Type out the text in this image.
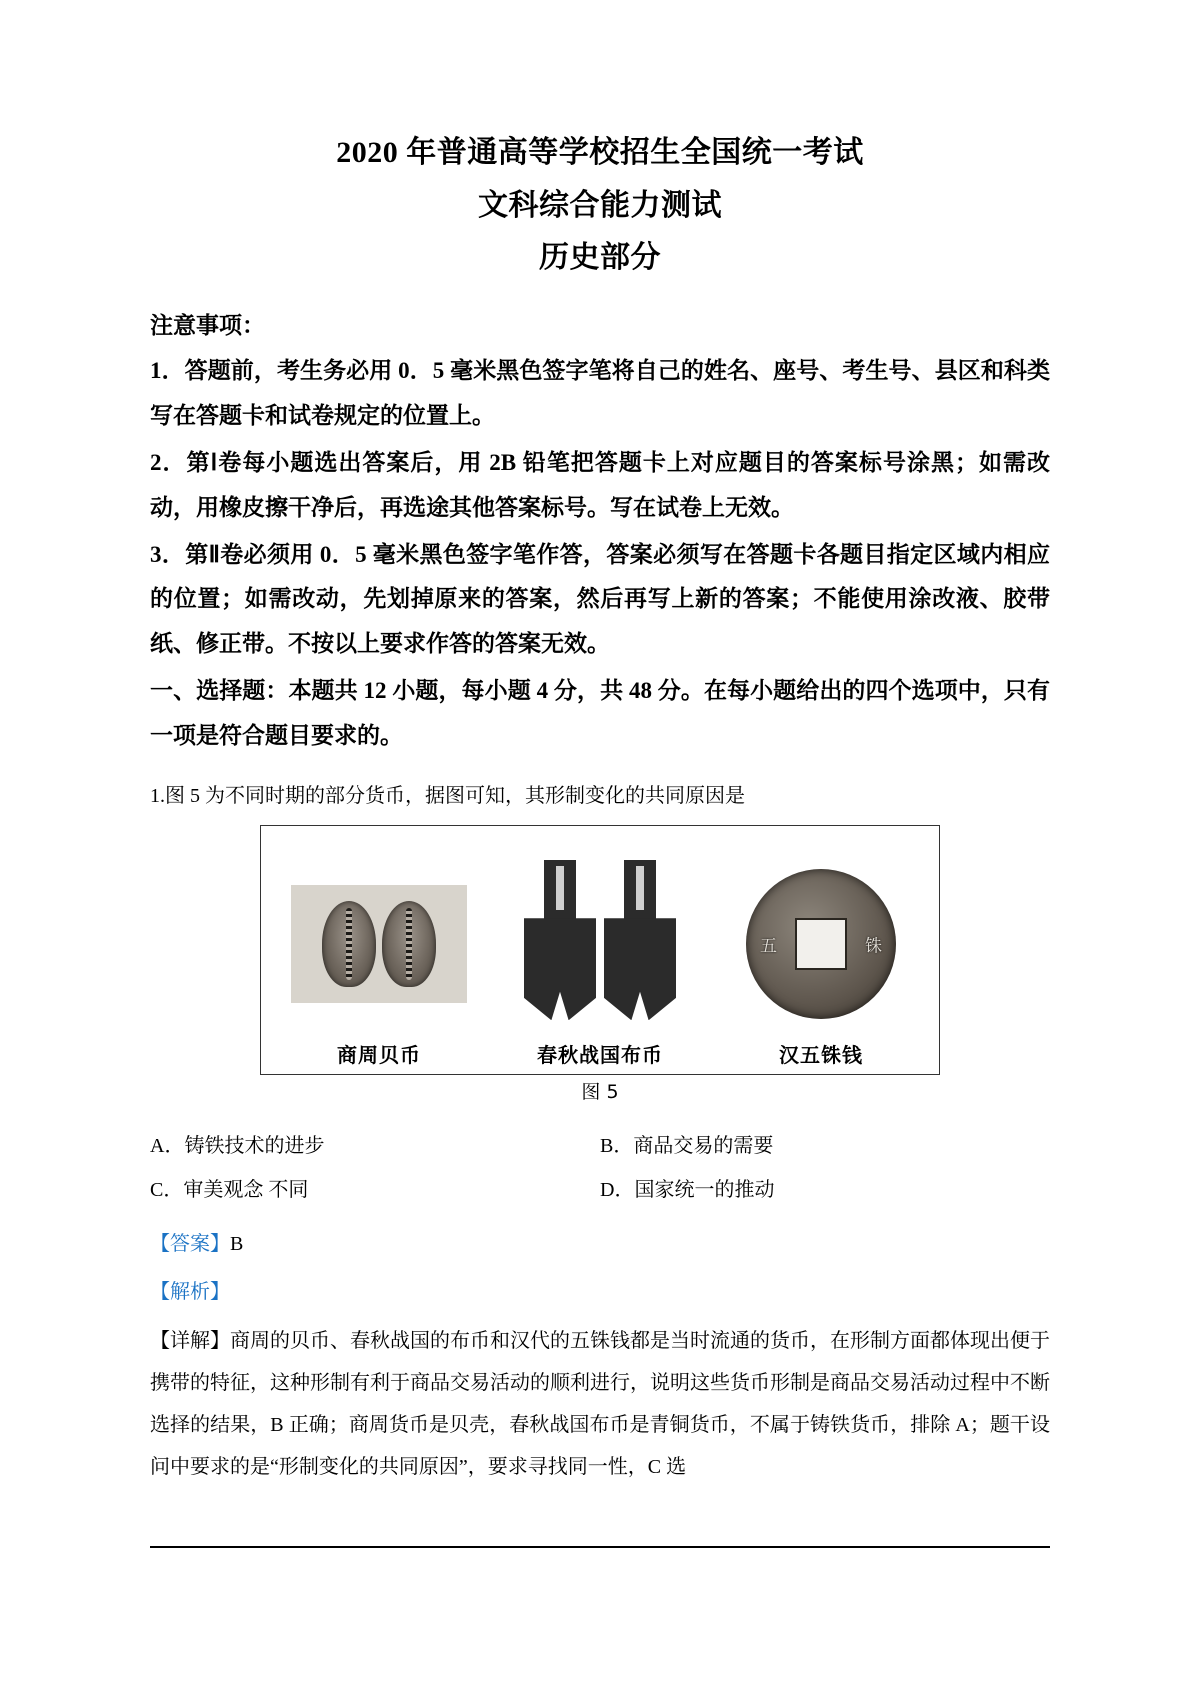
2020 年普通高等学校招生全国统一考试
文科综合能力测试
历史部分
注意事项：
1．答题前，考生务必用 0．5 毫米黑色签字笔将自己的姓名、座号、考生号、县区和科类写在答题卡和试卷规定的位置上。
2．第Ⅰ卷每小题选出答案后，用 2B 铅笔把答题卡上对应题目的答案标号涂黑；如需改动，用橡皮擦干净后，再选途其他答案标号。写在试卷上无效。
3．第Ⅱ卷必须用 0．5 毫米黑色签字笔作答，答案必须写在答题卡各题目指定区域内相应的位置；如需改动，先划掉原来的答案，然后再写上新的答案；不能使用涂改液、胶带纸、修正带。不按以上要求作答的答案无效。
一、选择题：本题共 12 小题，每小题 4 分，共 48 分。在每小题给出的四个选项中，只有一项是符合题目要求的。
1.图 5 为不同时期的部分货币，据图可知，其形制变化的共同原因是
商周贝币	春秋战国布币
五	铢
汉五铢钱
图 5
A．铸铁技术的进步	B．商品交易的需要
C．审美观念 不同	D．国家统一的推动
【答案】B
【解析】
【详解】商周的贝币、春秋战国的布币和汉代的五铢钱都是当时流通的货币，在形制方面都体现出便于携带的特征，这种形制有利于商品交易活动的顺利进行，说明这些货币形制是商品交易活动过程中不断选择的结果，B 正确；商周货币是贝壳，春秋战国布币是青铜货币，不属于铸铁货币，排除 A；题干设问中要求的是“形制变化的共同原因”，要求寻找同一性，C 选
